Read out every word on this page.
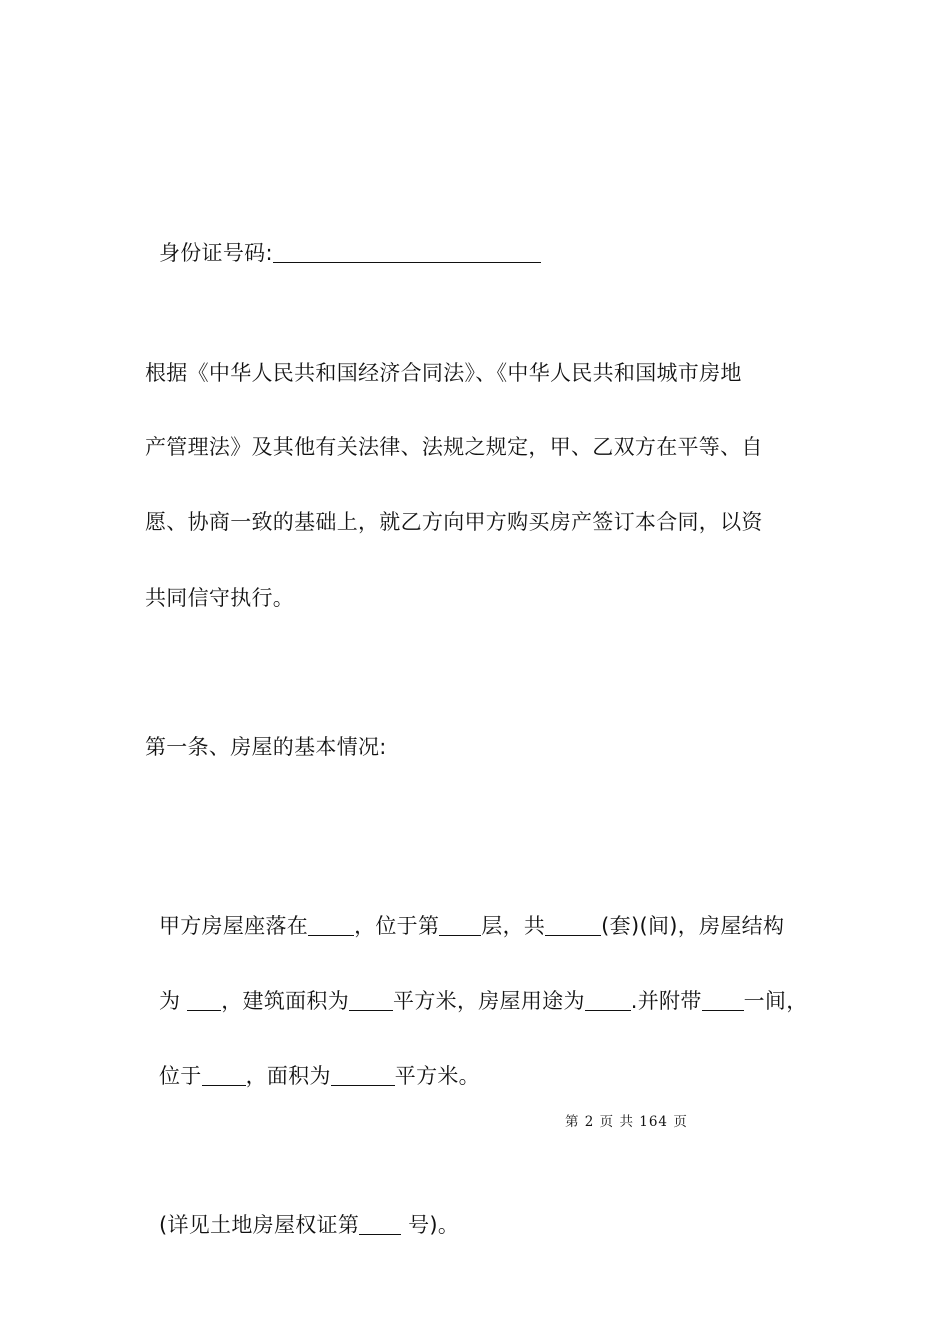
身份证号码:

根据《中华人民共和国经济合同法》、《中华人民共和国城市房地
产管理法》及其他有关法律、法规之规定，甲、乙双方在平等、自
愿、协商一致的基础上，就乙方向甲方购买房产签订本合同，以资
共同信守执行。
第一条、房屋的基本情况:

甲方房屋座落在 ，位于第 层，共	(套)(间)，房屋结构

为 ，建筑面积为 平方米，房屋用途为 .并附带 一间，

位于 ，面积为	平方米。

第 2 页 共 164 页

(详见土地房屋权证第 号)。
